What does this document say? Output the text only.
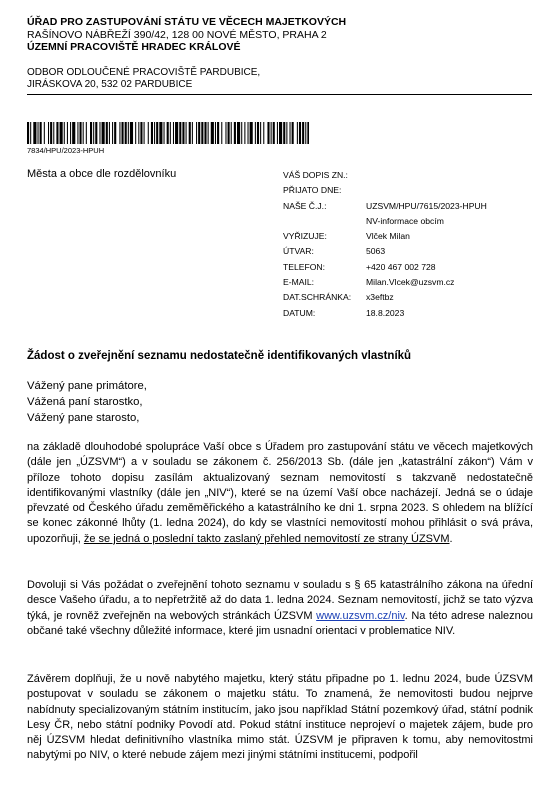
ÚŘAD PRO ZASTUPOVÁNÍ STÁTU VE VĚCECH MAJETKOVÝCH
RAŠÍNOVO NÁBŘEŽÍ 390/42, 128 00 NOVÉ MĚSTO, PRAHA 2
ÚZEMNÍ PRACOVIŠTĚ HRADEC KRÁLOVÉ
ODBOR ODLOUČENÉ PRACOVIŠTĚ PARDUBICE,
JIRÁSKOVA 20, 532 02 PARDUBICE
7834/HPU/2023-HPUH
Města a obce dle rozdělovníku	VÁŠ DOPIS ZN.:
PŘIJATO DNE:
NAŠE Č.J.:	UZSVM/HPU/7615/2023-HPUH
NV-informace obcím
VYŘIZUJE:	Vlček Milan
ÚTVAR:	5063
TELEFON:	+420 467 002 728
E-MAIL:	Milan.Vlcek@uzsvm.cz
DAT.SCHRÁNKA:	x3eftbz
DATUM:	18.8.2023
Žádost o zveřejnění seznamu nedostatečně identifikovaných vlastníků
Vážený pane primátore,
Vážená paní starostko,
Vážený pane starosto,
na základě dlouhodobé spolupráce Vaší obce s Úřadem pro zastupování státu ve věcech majetkových (dále jen „ÚZSVM“) a v souladu se zákonem č. 256/2013 Sb. (dále jen „katastrální zákon“) Vám v příloze tohoto dopisu zasílám aktualizovaný seznam nemovitostí s takzvaně nedostatečně identifikovanými vlastníky (dále jen „NIV“), které se na území Vaší obce nacházejí. Jedná se o údaje převzaté od Českého úřadu zeměměřického a katastrálního ke dni 1. srpna 2023. S ohledem na blížící se konec zákonné lhůty (1. ledna 2024), do kdy se vlastníci nemovitostí mohou přihlásit o svá práva, upozorňuji, že se jedná o poslední takto zaslaný přehled nemovitostí ze strany ÚZSVM.
Dovoluji si Vás požádat o zveřejnění tohoto seznamu v souladu s § 65 katastrálního zákona na úřední desce Vašeho úřadu, a to nepřetržitě až do data 1. ledna 2024. Seznam nemovitostí, jichž se tato výzva týká, je rovněž zveřejněn na webových stránkách ÚZSVM www.uzsvm.cz/niv. Na této adrese naleznou občané také všechny důležité informace, které jim usnadní orientaci v problematice NIV.
Závěrem doplňuji, že u nově nabytého majetku, který státu připadne po 1. lednu 2024, bude ÚZSVM postupovat v souladu se zákonem o majetku státu. To znamená, že nemovitosti budou nejprve nabídnuty specializovaným státním institucím, jako jsou například Státní pozemkový úřad, státní podnik Lesy ČR, nebo státní podniky Povodí atd. Pokud státní instituce neprojeví o majetek zájem, bude pro něj ÚZSVM hledat definitivního vlastníka mimo stát. ÚZSVM je připraven k tomu, aby nemovitostmi nabytými po NIV, o které nebude zájem mezi jinými státními institucemi, podpořil
